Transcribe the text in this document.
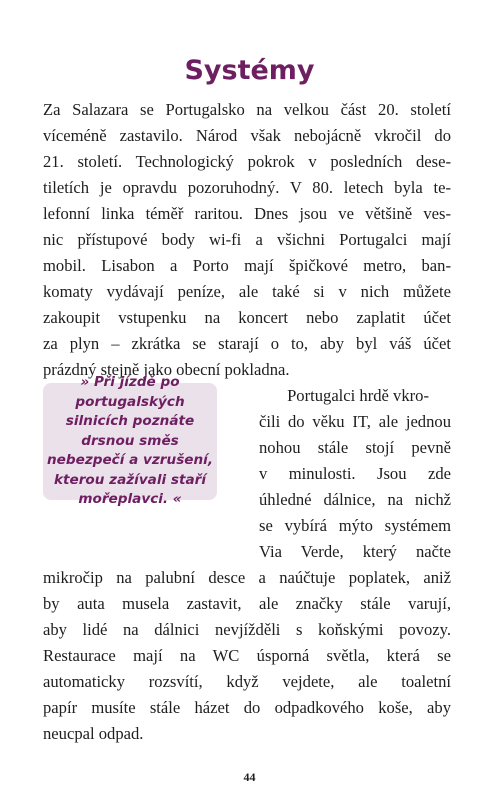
Systémy
Za Salazara se Portugalsko na velkou část 20. století
víceméně zastavilo. Národ však nebojácně vkročil do
21. století. Technologický pokrok v posledních dese-
tiletích je opravdu pozoruhodný. V 80. letech byla te-
lefonní linka téměř raritou. Dnes jsou ve většině ves-
nic přístupové body wi-fi a všichni Portugalci mají
mobil. Lisabon a Porto mají špičkové metro, ban-
komaty vydávají peníze, ale také si v nich můžete
zakoupit vstupenku na koncert nebo zaplatit účet
za plyn – zkrátka se starají o to, aby byl váš účet
prázdný stejně jako obecní pokladna.

» Při jízdě po portugalských silnicích poznáte drsnou směs nebezpečí a vzrušení, kterou zažívali staří mořeplavci. «

Portugalci hrdě vkro-
čili do věku IT, ale jednou
nohou stále stojí pevně
v minulosti. Jsou zde
úhledné dálnice, na nichž
se vybírá mýto systémem
Via Verde, který načte
mikročip na palubní desce a naúčtuje poplatek, aniž
by auta musela zastavit, ale značky stále varují,
aby lidé na dálnici nevjížděli s koňskými povozy.
Restaurace mají na WC úsporná světla, která se
automaticky rozsvítí, když vejdete, ale toaletní
papír musíte stále házet do odpadkového koše, aby
neucpal odpad.
44
